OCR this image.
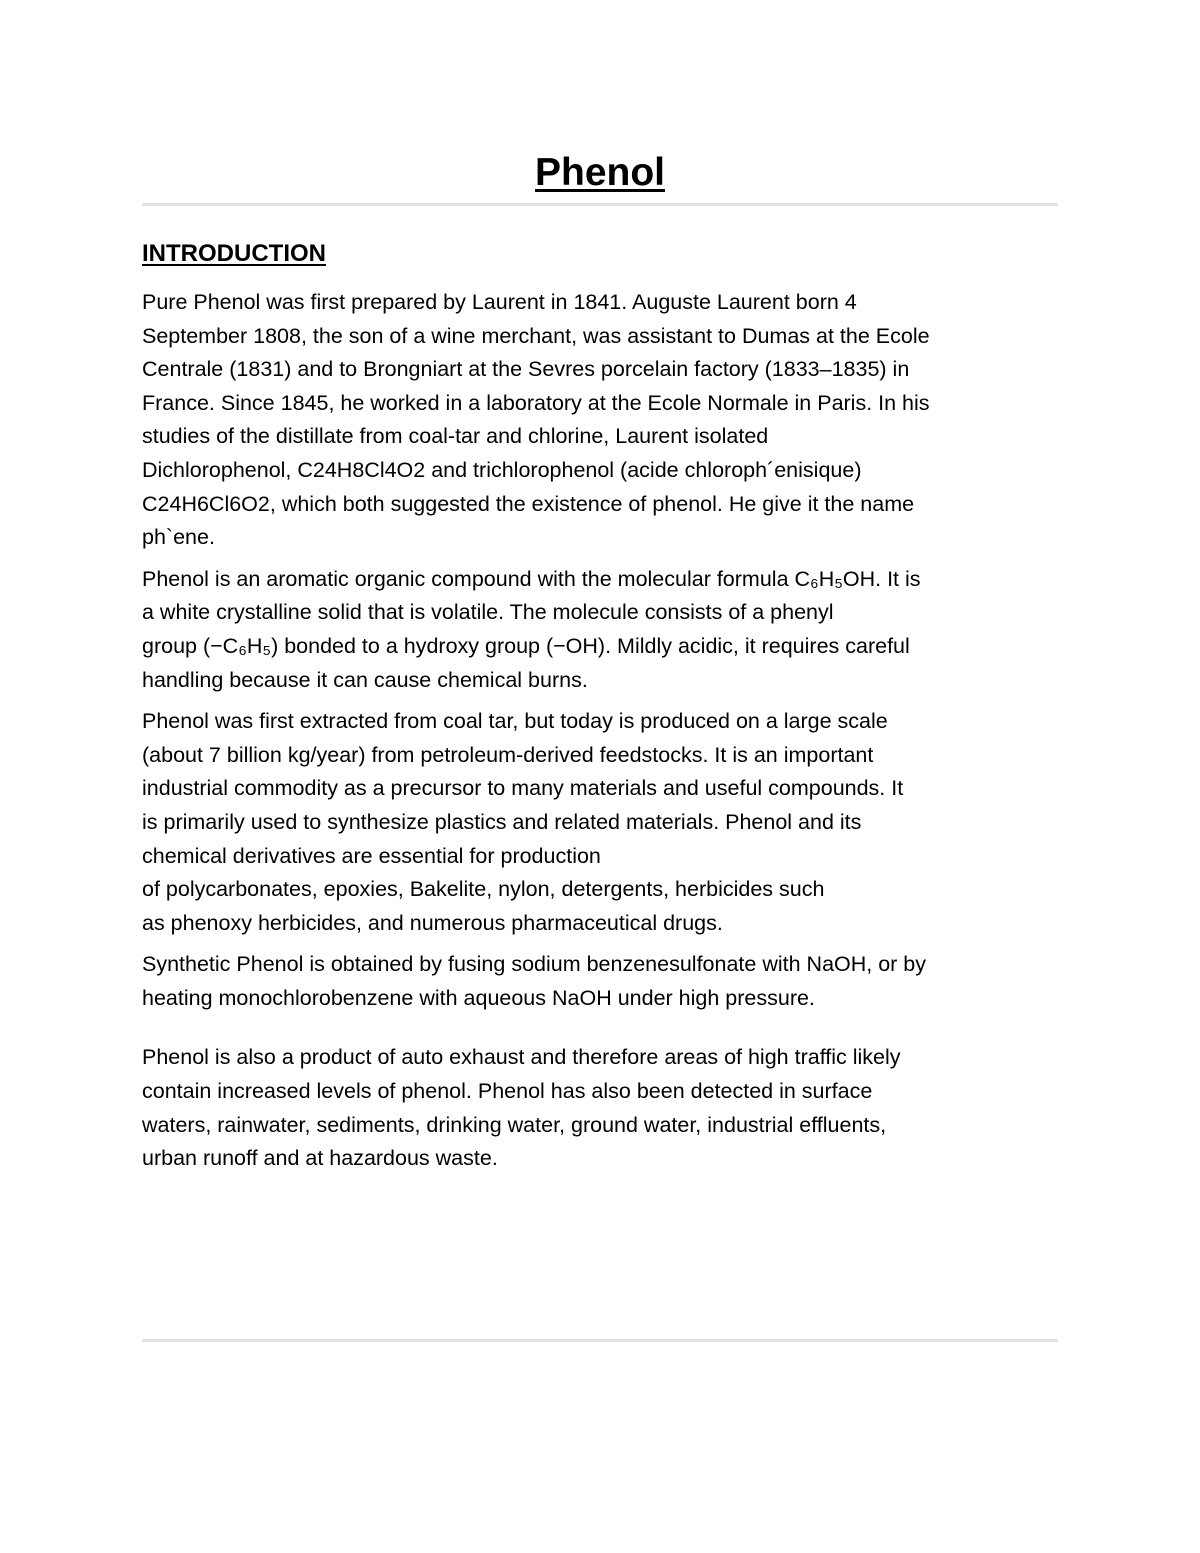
Phenol
INTRODUCTION

Pure Phenol was first prepared by Laurent in 1841. Auguste Laurent born 4
September 1808, the son of a wine merchant, was assistant to Dumas at the Ecole
Centrale (1831) and to Brongniart at the Sevres porcelain factory (1833–1835) in
France. Since 1845, he worked in a laboratory at the Ecole Normale in Paris. In his
studies of the distillate from coal-tar and chlorine, Laurent isolated
Dichlorophenol, C24H8Cl4O2 and trichlorophenol (acide chloroph´enisique)
C24H6Cl6O2, which both suggested the existence of phenol. He give it the name
ph`ene.

Phenol is an aromatic organic compound with the molecular formula C₆H₅OH. It is
a white crystalline solid that is volatile. The molecule consists of a phenyl
group (−C₆H₅) bonded to a hydroxy group (−OH). Mildly acidic, it requires careful
handling because it can cause chemical burns.

Phenol was first extracted from coal tar, but today is produced on a large scale
(about 7 billion kg/year) from petroleum-derived feedstocks. It is an important
industrial commodity as a precursor to many materials and useful compounds. It
is primarily used to synthesize plastics and related materials. Phenol and its
chemical derivatives are essential for production
of polycarbonates, epoxies, Bakelite, nylon, detergents, herbicides such
as phenoxy herbicides, and numerous pharmaceutical drugs.

Synthetic Phenol is obtained by fusing sodium benzenesulfonate with NaOH, or by
heating monochlorobenzene with aqueous NaOH under high pressure.

Phenol is also a product of auto exhaust and therefore areas of high traffic likely
contain increased levels of phenol. Phenol has also been detected in surface
waters, rainwater, sediments, drinking water, ground water, industrial effluents,
urban runoff and at hazardous waste.
